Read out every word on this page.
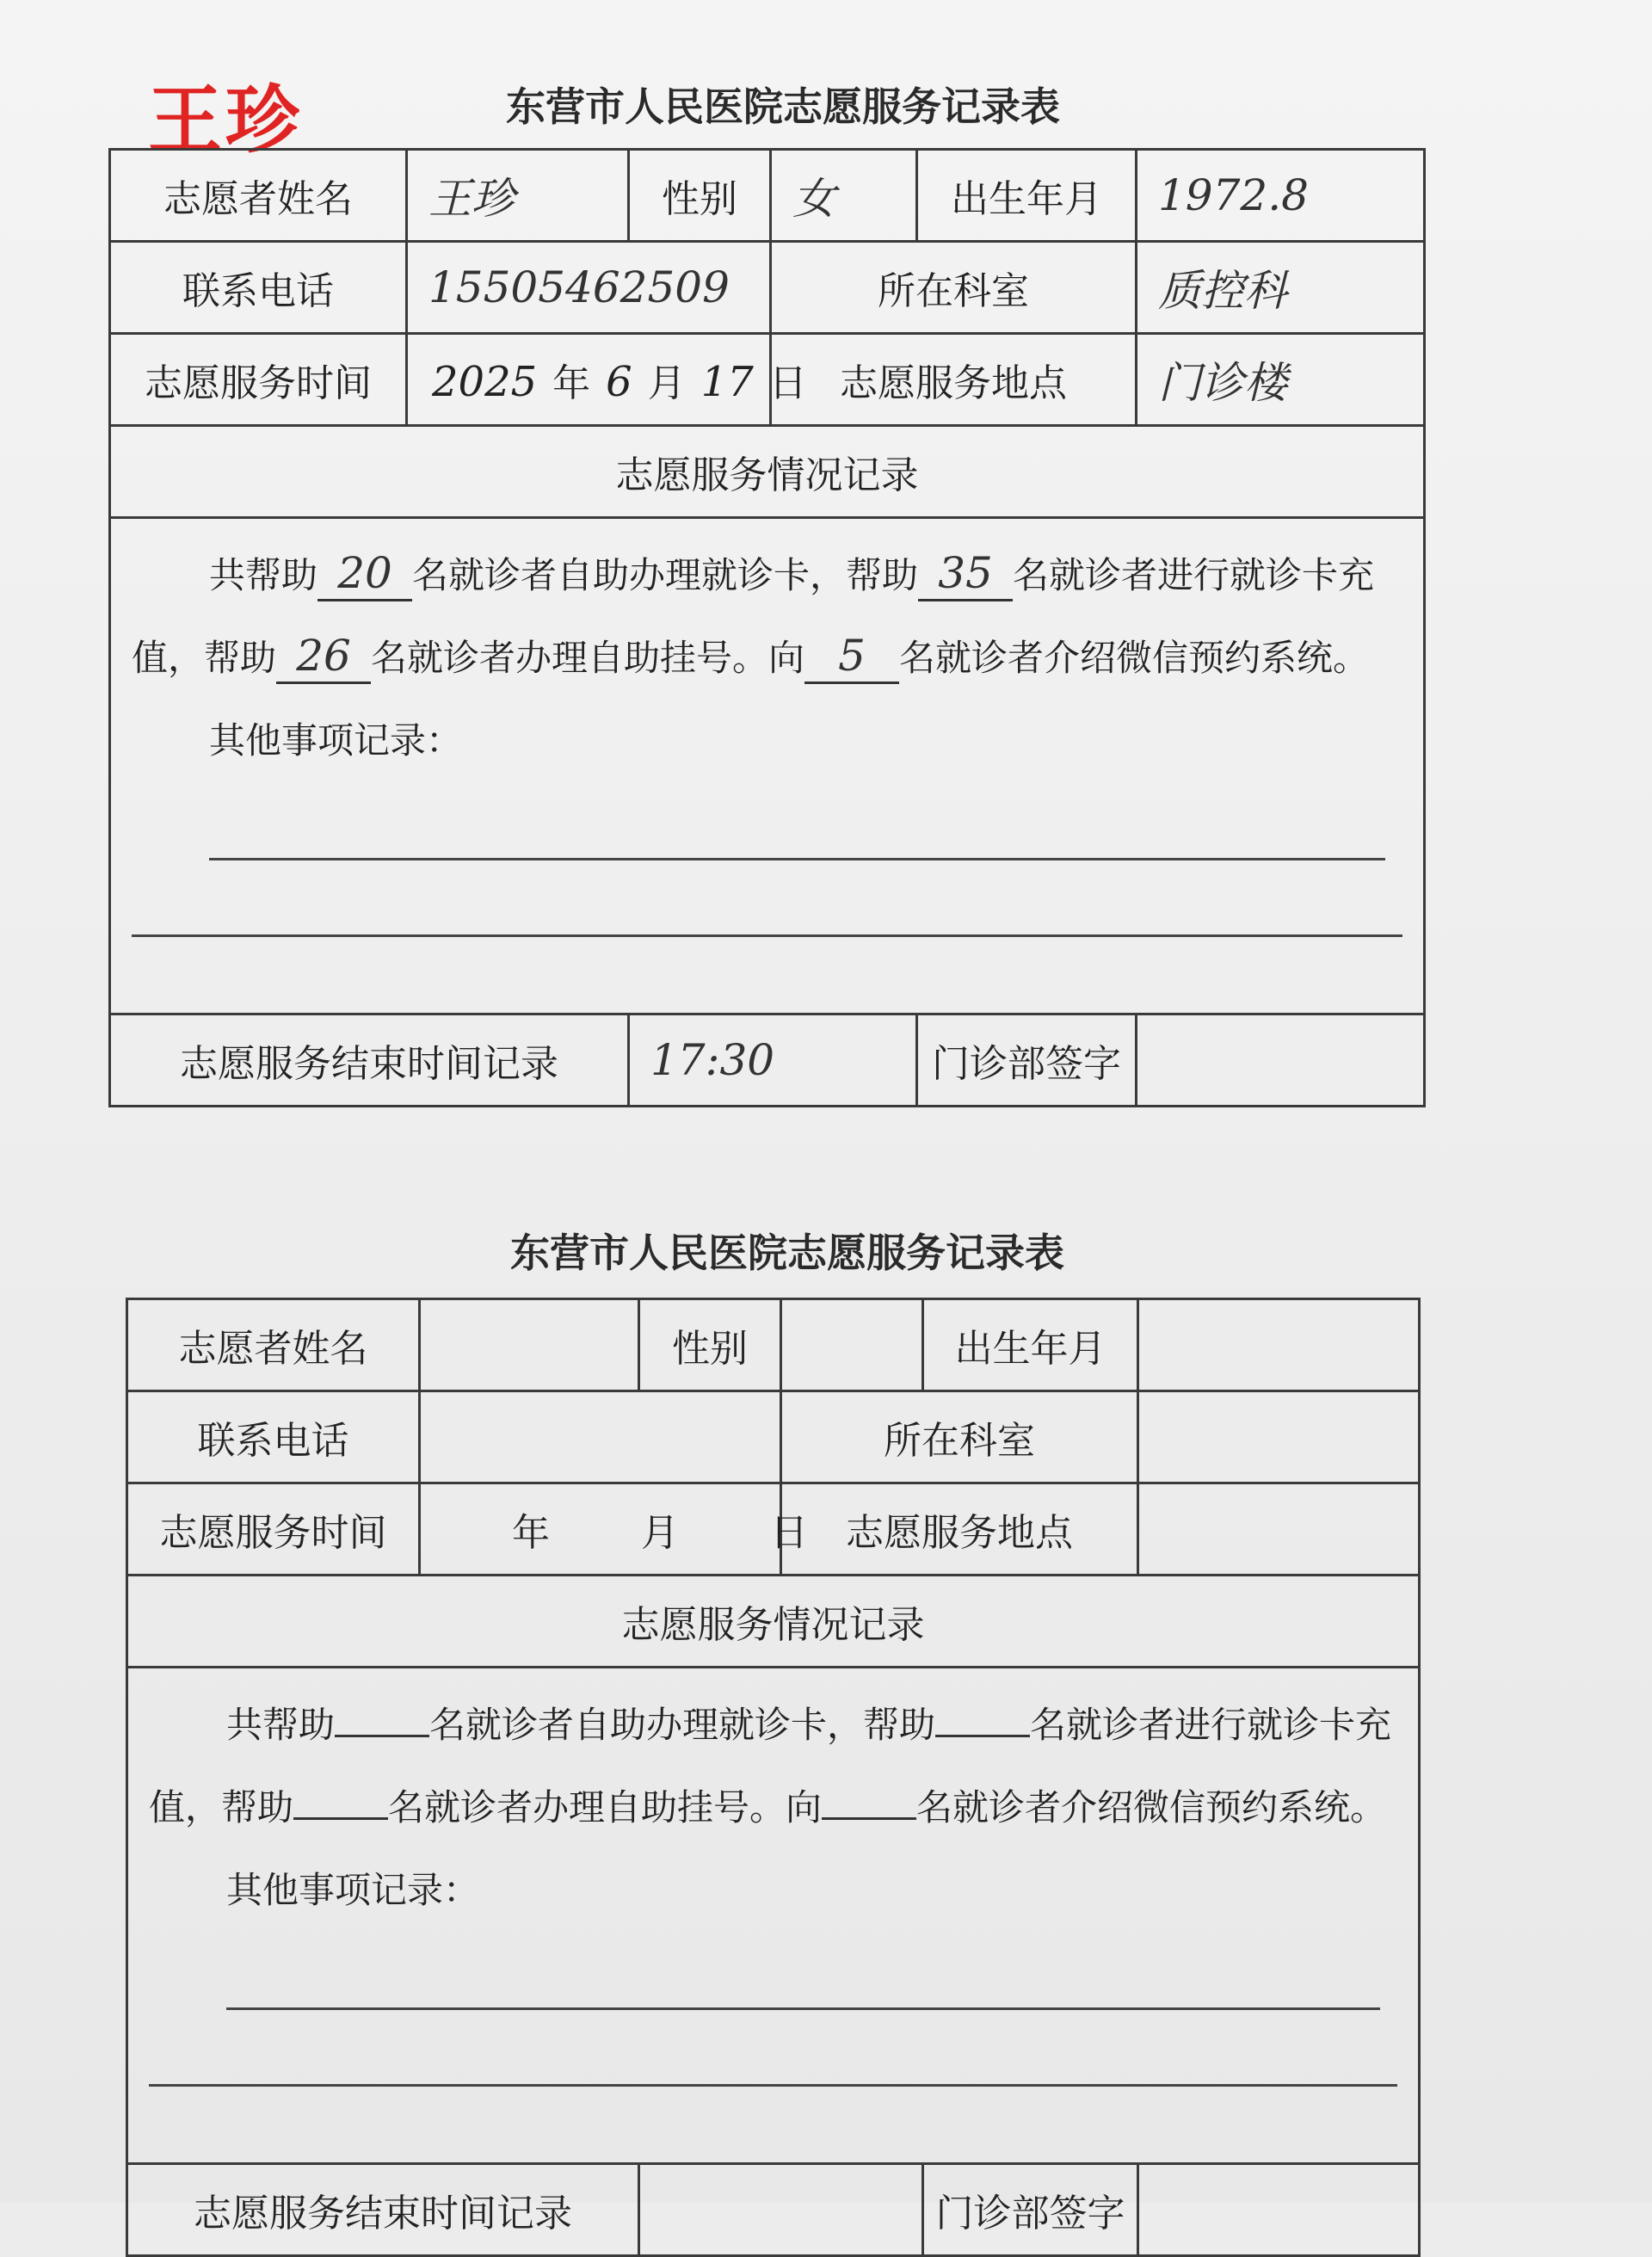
王珍	东营市人民医院志愿服务记录表
志愿者姓名	王珍	性别	女	出生年月	1972.8
联系电话	15505462509		所在科室		质控科
志愿服务时间	2025 年 6 月 17 日		志愿服务地点		门诊楼
志愿服务情况记录					
共帮助 20 名就诊者自助办理就诊卡，帮助 35 名就诊者进行就诊卡充值，帮助 26 名就诊者办理自助挂号。向 5 名就诊者介绍微信预约系统。
其他事项记录：					

志愿服务结束时间记录		17:30		门诊部签字	
东营市人民医院志愿服务记录表
志愿者姓名		性别		出生年月	
联系电话			所在科室		
志愿服务时间	年 月 日		志愿服务地点		
志愿服务情况记录					
共帮助 名就诊者自助办理就诊卡，帮助 名就诊者进行就诊卡充值，帮助 名就诊者办理自助挂号。向 名就诊者介绍微信预约系统。
其他事项记录：					

志愿服务结束时间记录				门诊部签字	
